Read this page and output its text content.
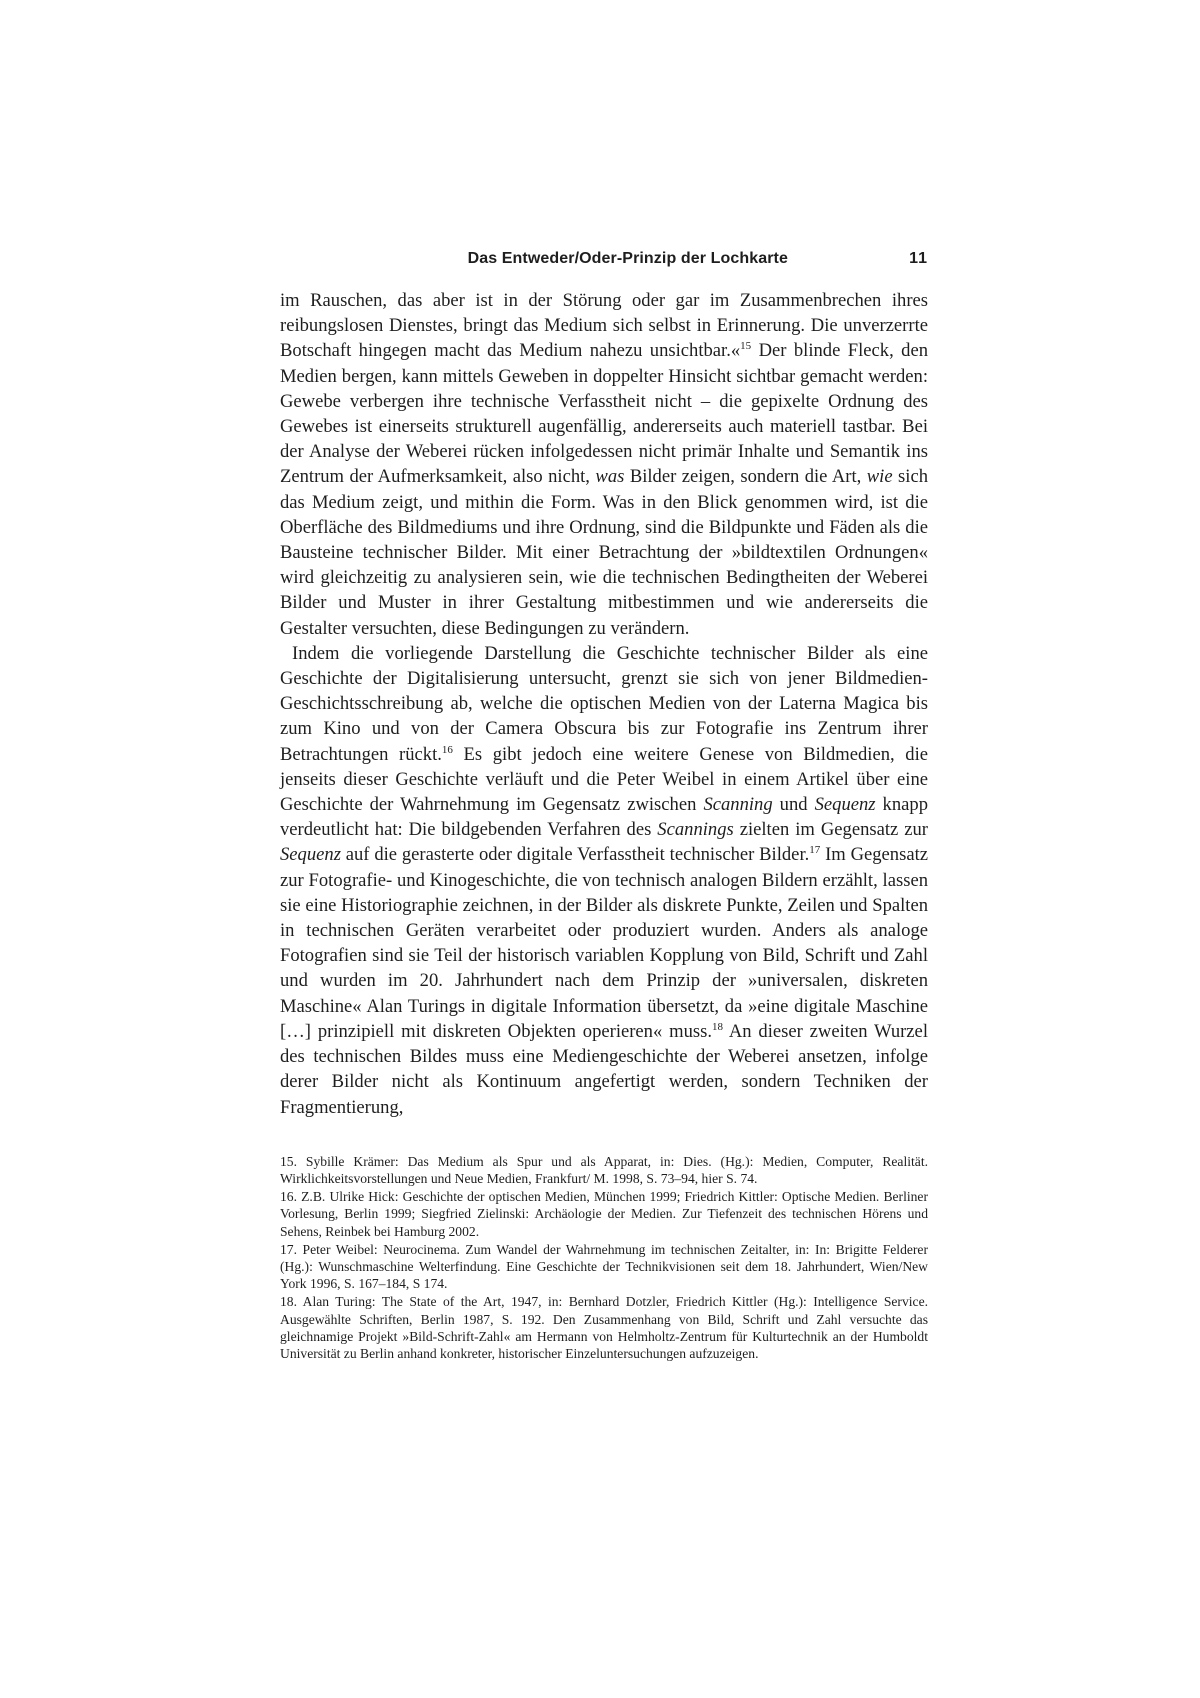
Das Entweder/Oder-Prinzip der Lochkarte	11

im Rauschen, das aber ist in der Störung oder gar im Zusammenbrechen ihres reibungslosen Dienstes, bringt das Medium sich selbst in Erinnerung. Die unverzerrte Botschaft hingegen macht das Medium nahezu unsichtbar.«$^{15}$ Der blinde Fleck, den Medien bergen, kann mittels Geweben in doppelter Hinsicht sichtbar gemacht werden: Gewebe verbergen ihre technische Verfasstheit nicht – die gepixelte Ordnung des Gewebes ist einerseits strukturell augenfällig, andererseits auch materiell tastbar. Bei der Analyse der Weberei rücken infolgedessen nicht primär Inhalte und Semantik ins Zentrum der Aufmerksamkeit, also nicht, was Bilder zeigen, sondern die Art, wie sich das Medium zeigt, und mithin die Form. Was in den Blick genommen wird, ist die Oberfläche des Bildmediums und ihre Ordnung, sind die Bildpunkte und Fäden als die Bausteine technischer Bilder. Mit einer Betrachtung der »bildtextilen Ordnungen« wird gleichzeitig zu analysieren sein, wie die technischen Bedingtheiten der Weberei Bilder und Muster in ihrer Gestaltung mitbestimmen und wie andererseits die Gestalter versuchten, diese Bedingungen zu verändern.

Indem die vorliegende Darstellung die Geschichte technischer Bilder als eine Geschichte der Digitalisierung untersucht, grenzt sie sich von jener Bildmedien-Geschichtsschreibung ab, welche die optischen Medien von der Laterna Magica bis zum Kino und von der Camera Obscura bis zur Fotografie ins Zentrum ihrer Betrachtungen rückt.$^{16}$ Es gibt jedoch eine weitere Genese von Bildmedien, die jenseits dieser Geschichte verläuft und die Peter Weibel in einem Artikel über eine Geschichte der Wahrnehmung im Gegensatz zwischen Scanning und Sequenz knapp verdeutlicht hat: Die bildgebenden Verfahren des Scannings zielten im Gegensatz zur Sequenz auf die gerasterte oder digitale Verfasstheit technischer Bilder.$^{17}$ Im Gegensatz zur Fotografie- und Kinogeschichte, die von technisch analogen Bildern erzählt, lassen sie eine Historiographie zeichnen, in der Bilder als diskrete Punkte, Zeilen und Spalten in technischen Geräten verarbeitet oder produziert wurden. Anders als analoge Fotografien sind sie Teil der historisch variablen Kopplung von Bild, Schrift und Zahl und wurden im 20. Jahrhundert nach dem Prinzip der »universalen, diskreten Maschine« Alan Turings in digitale Information übersetzt, da »eine digitale Maschine […] prinzipiell mit diskreten Objekten operieren« muss.$^{18}$ An dieser zweiten Wurzel des technischen Bildes muss eine Mediengeschichte der Weberei ansetzen, infolge derer Bilder nicht als Kontinuum angefertigt werden, sondern Techniken der Fragmentierung,

15. Sybille Krämer: Das Medium als Spur und als Apparat, in: Dies. (Hg.): Medien, Computer, Realität. Wirklichkeitsvorstellungen und Neue Medien, Frankfurt/ M. 1998, S. 73–94, hier S. 74.

16. Z.B. Ulrike Hick: Geschichte der optischen Medien, München 1999; Friedrich Kittler: Optische Medien. Berliner Vorlesung, Berlin 1999; Siegfried Zielinski: Archäologie der Medien. Zur Tiefenzeit des technischen Hörens und Sehens, Reinbek bei Hamburg 2002.

17. Peter Weibel: Neurocinema. Zum Wandel der Wahrnehmung im technischen Zeitalter, in: In: Brigitte Felderer (Hg.): Wunschmaschine Welterfindung. Eine Geschichte der Technikvisionen seit dem 18. Jahrhundert, Wien/New York 1996, S. 167–184, S 174.

18. Alan Turing: The State of the Art, 1947, in: Bernhard Dotzler, Friedrich Kittler (Hg.): Intelligence Service. Ausgewählte Schriften, Berlin 1987, S. 192. Den Zusammenhang von Bild, Schrift und Zahl versuchte das gleichnamige Projekt »Bild-Schrift-Zahl« am Hermann von Helmholtz-Zentrum für Kulturtechnik an der Humboldt Universität zu Berlin anhand konkreter, historischer Einzeluntersuchungen aufzuzeigen.
